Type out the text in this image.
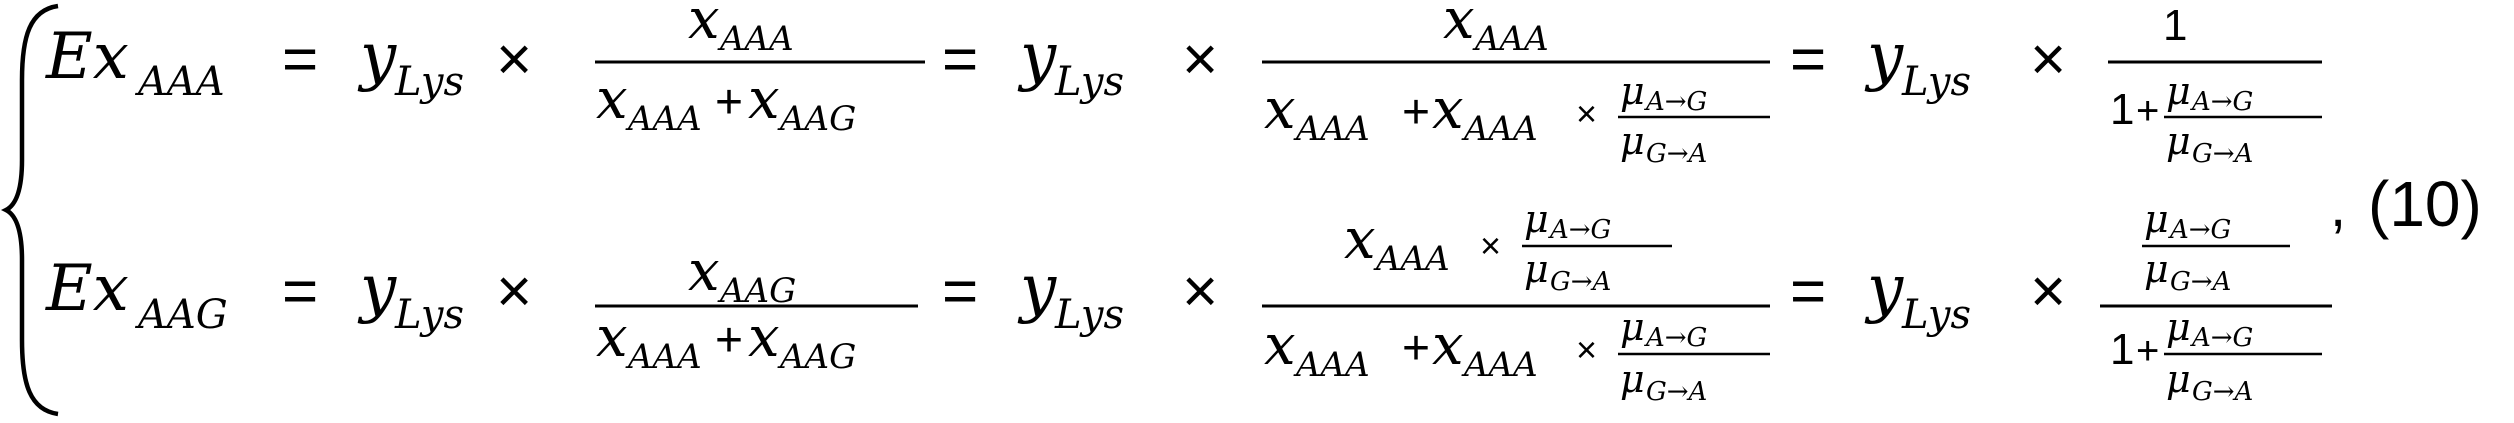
Ex AAA = y
Lys ×
x AAA
x AAA + x AAG
= y
Lys ×
x AAA
x AAA + x AAA ×
μ A→G
μ G→A
= y
Lys × 1
1 + μ A→G
μ G→A
Ex AAG = y
Lys ×	x AAG
x AAA + x AAG
= y
Lys ×
x AAA ×
μ A→G
μ G→A
x AAA + x AAA ×
μ A→G
μ G→A
= y
Lys ×
μ A→G
μ G→A
1 +
μ A→G
μ G→A
, (10)
